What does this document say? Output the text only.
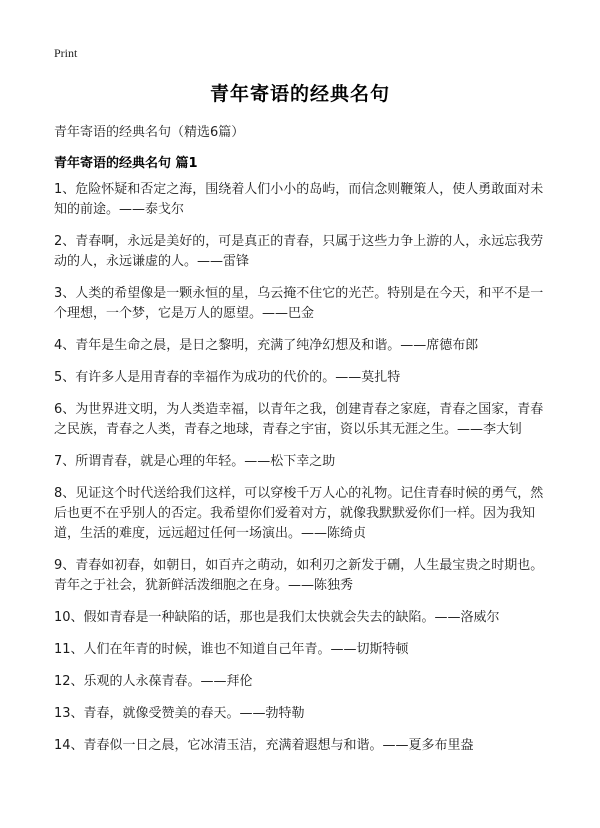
Print
青年寄语的经典名句
青年寄语的经典名句（精选6篇）
青年寄语的经典名句 篇1
1、危险怀疑和否定之海，围绕着人们小小的岛屿，而信念则鞭策人，使人勇敢面对未知的前途。——泰戈尔
2、青春啊，永远是美好的，可是真正的青春，只属于这些力争上游的人，永远忘我劳动的人，永远谦虚的人。——雷锋
3、人类的希望像是一颗永恒的星，乌云掩不住它的光芒。特别是在今天，和平不是一个理想，一个梦，它是万人的愿望。——巴金
4、青年是生命之晨，是日之黎明，充满了纯净幻想及和谐。——席德布郎
5、有许多人是用青春的幸福作为成功的代价的。——莫扎特
6、为世界进文明，为人类造幸福，以青年之我，创建青春之家庭，青春之国家，青春之民族，青春之人类，青春之地球，青春之宇宙，资以乐其无涯之生。——李大钊
7、所谓青春，就是心理的年轻。——松下幸之助
8、见证这个时代送给我们这样，可以穿梭千万人心的礼物。记住青春时候的勇气，然后也更不在乎别人的否定。我希望你们爱着对方，就像我默默爱你们一样。因为我知道，生活的难度，远远超过任何一场演出。——陈绮贞
9、青春如初春，如朝日，如百卉之萌动，如利刃之新发于硎，人生最宝贵之时期也。青年之于社会，犹新鲜活泼细胞之在身。——陈独秀
10、假如青春是一种缺陷的话，那也是我们太快就会失去的缺陷。——洛威尔
11、人们在年青的时候，谁也不知道自己年青。——切斯特顿
12、乐观的人永葆青春。——拜伦
13、青春，就像受赞美的春天。——勃特勒
14、青春似一日之晨，它冰清玉洁，充满着遐想与和谐。——夏多布里盎
